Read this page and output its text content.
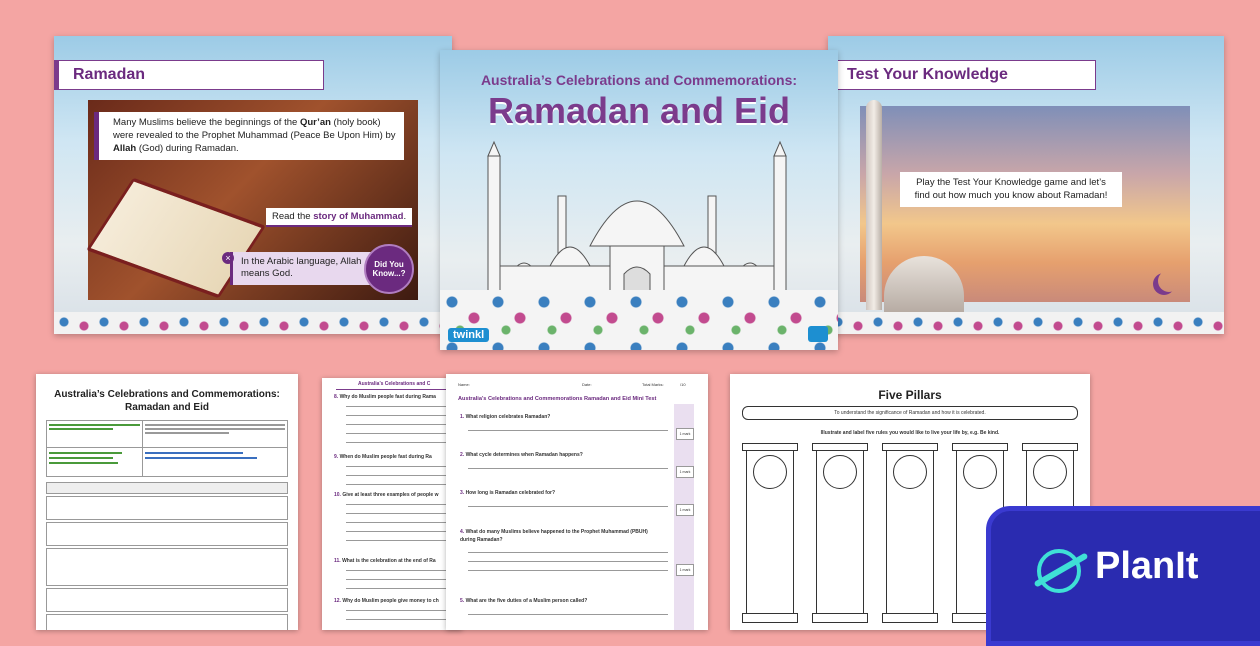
Ramadan
Many Muslims believe the beginnings of the Qur’an (holy book) were revealed to the Prophet Muhammad (Peace Be Upon Him) by Allah (God) during Ramadan.
Read the story of Muhammad.
In the Arabic language, Allah means God.
×
Did You Know...?
Test Your Knowledge
Play the Test Your Knowledge game and let’s find out how much you know about Ramadan!
Australia’s Celebrations and Commemorations:
Ramadan and Eid
twinkl
Australia’s Celebrations and Commemorations:
Ramadan and Eid

Australia’s Celebrations and C
8. Why do Muslim people fast during Rama
9. When do Muslim people fast during Ra
10. Give at least three examples of people w
11. What is the celebration at the end of Ra
12. Why do Muslim people give money to ch
Name:	Date:	Total Marks:	/10
Australia’s Celebrations and Commemorations Ramadan and Eid Mini Test
1. What religion celebrates Ramadan?
1 mark
2. What cycle determines when Ramadan happens?
1 mark
3. How long is Ramadan celebrated for?
1 mark
4. What do many Muslims believe happened to the Prophet Muhammad (PBUH) during Ramadan?
1 mark
5. What are the five duties of a Muslim person called?
Five Pillars
To understand the significance of Ramadan and how it is celebrated.
Illustrate and label five rules you would like to live your life by, e.g. Be kind.
PlanIt
